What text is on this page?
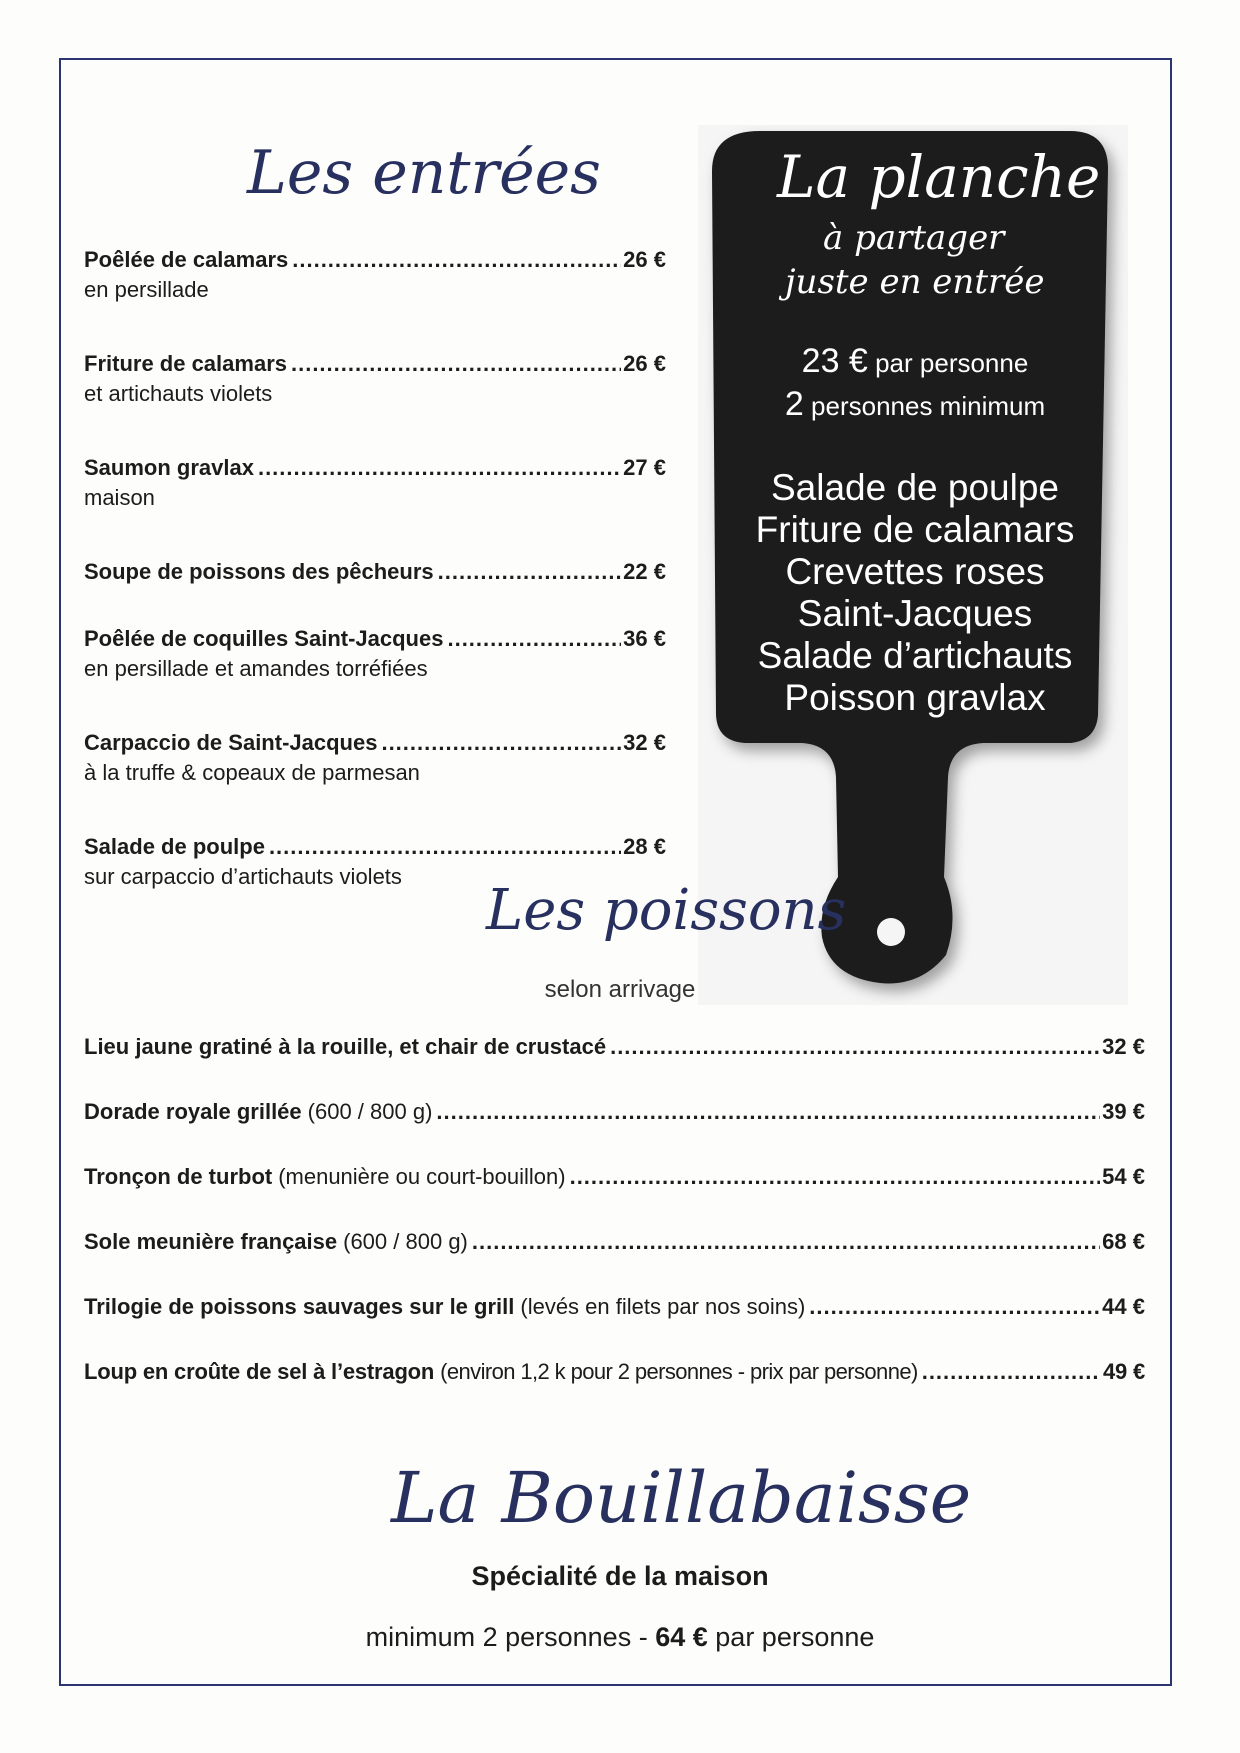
Les entrées
Poêlée de calamars .....	26 €
en persillade
Friture de calamars .....	26 €
et artichauts violets
Saumon gravlax .....	27 €
maison
Soupe de poissons des pêcheurs .....	22 €
Poêlée de coquilles Saint-Jacques .....	36 €
en persillade et amandes torréfiées
Carpaccio de Saint-Jacques .....	32 €
à la truffe & copeaux de parmesan
Salade de poulpe .....	28 €
sur carpaccio d’artichauts violets
La planche
à partager
juste en entrée
23 € par personne
2 personnes minimum
Salade de poulpe
Friture de calamars
Crevettes roses
Saint-Jacques
Salade d’artichauts
Poisson gravlax
Les poissons
selon arrivage
Lieu jaune gratiné à la rouille, et chair de crustacé .....	32 €
Dorade royale grillée (600 / 800 g) .....	39 €
Tronçon de turbot (menunière ou court-bouillon) .....	54 €
Sole meunière française (600 / 800 g) .....	68 €
Trilogie de poissons sauvages sur le grill (levés en filets par nos soins) .....	44 €
Loup en croûte de sel à l’estragon (environ 1,2 k pour 2 personnes - prix par personne) .....	49 €
La Bouillabaisse
Spécialité de la maison
minimum 2 personnes - 64 € par personne
